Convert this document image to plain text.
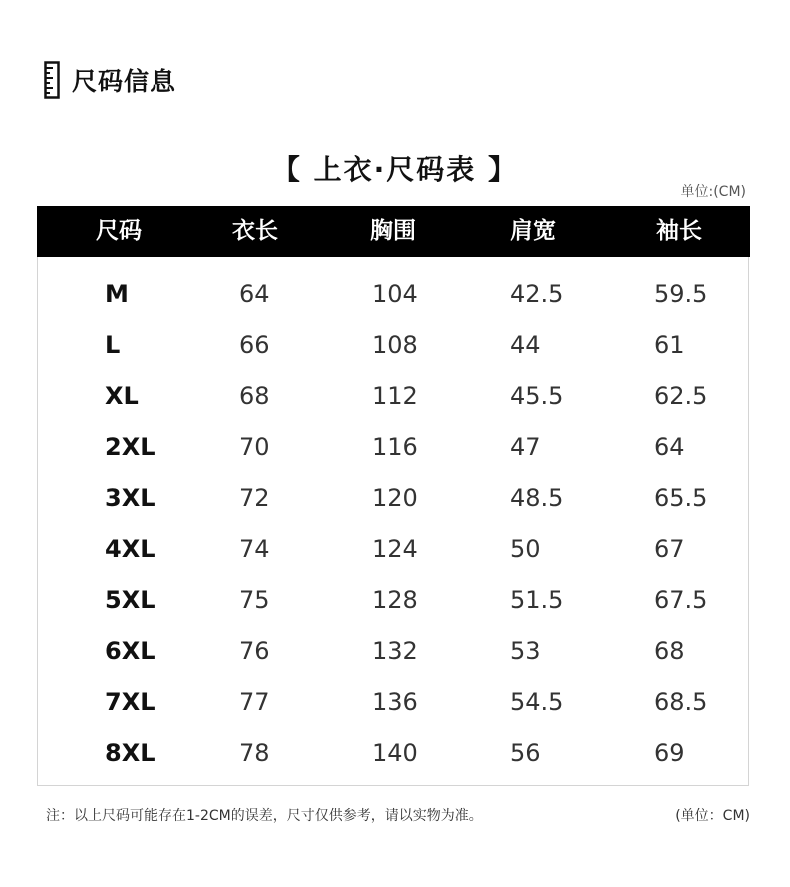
尺码信息
【 上衣·尺码表 】
单位:(CM)
尺码	衣长	胸围	肩宽	袖长
M	64	104	42.5	59.5
L	66	108	44	61
XL	68	112	45.5	62.5
2XL	70	116	47	64
3XL	72	120	48.5	65.5
4XL	74	124	50	67
5XL	75	128	51.5	67.5
6XL	76	132	53	68
7XL	77	136	54.5	68.5
8XL	78	140	56	69
注：以上尺码可能存在1-2CM的误差，尺寸仅供参考，请以实物为准。	(单位：CM)
